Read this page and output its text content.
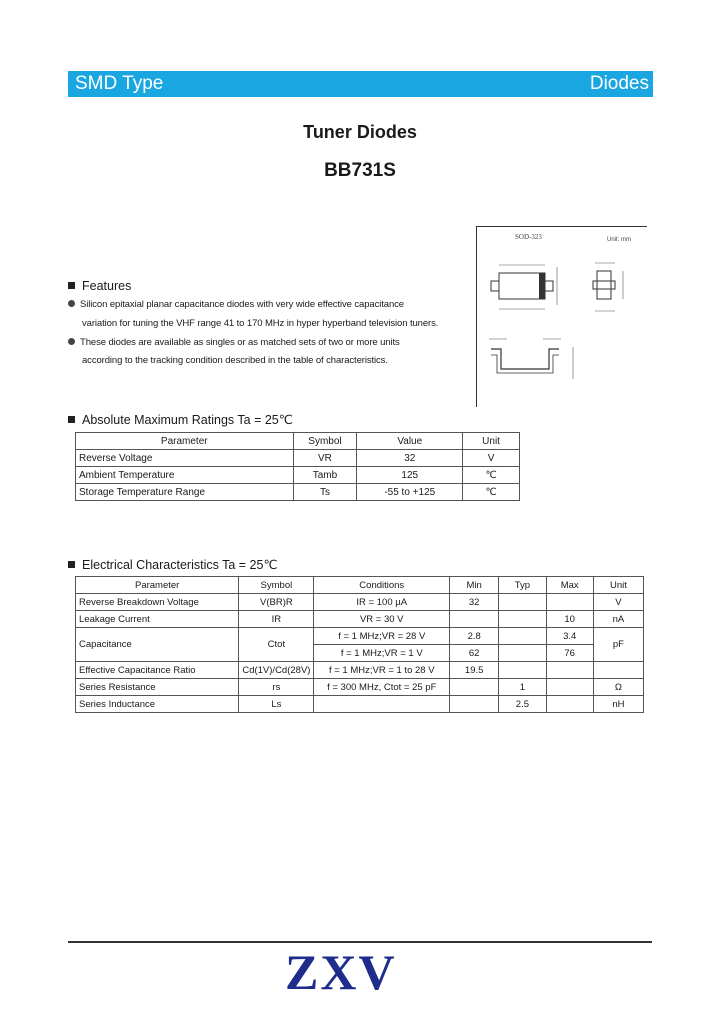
SMD Type	Diodes
Tuner Diodes
BB731S
SOD-323	Unit: mm
Features
Silicon epitaxial planar capacitance diodes with very wide effective capacitance
variation for tuning the VHF range 41 to 170 MHz in hyper hyperband television tuners.
These diodes are available as singles or as matched sets of two or more units
according to the tracking condition described in the table of characteristics.
Absolute Maximum Ratings Ta = 25℃
Parameter	Symbol	Value	Unit
Reverse Voltage	VR	32	V
Ambient Temperature	Tamb	125	℃
Storage Temperature Range	Ts	-55 to +125	℃
Electrical Characteristics Ta = 25℃
Parameter	Symbol	Conditions	Min	Typ	Max	Unit
Reverse Breakdown Voltage	V(BR)R	IR = 100 µA	32			V
Leakage Current	IR	VR = 30 V			10	nA
Capacitance	Ctot	f = 1 MHz;VR = 28 V	2.8		3.4	pF
		f = 1 MHz;VR = 1 V	62		76	
Effective Capacitance Ratio	Cd(1V)/Cd(28V)	f = 1 MHz;VR = 1 to 28 V	19.5			
Series Resistance	rs	f = 300 MHz, Ctot = 25 pF		1		Ω
Series Inductance	Ls			2.5		nH
ZXV
